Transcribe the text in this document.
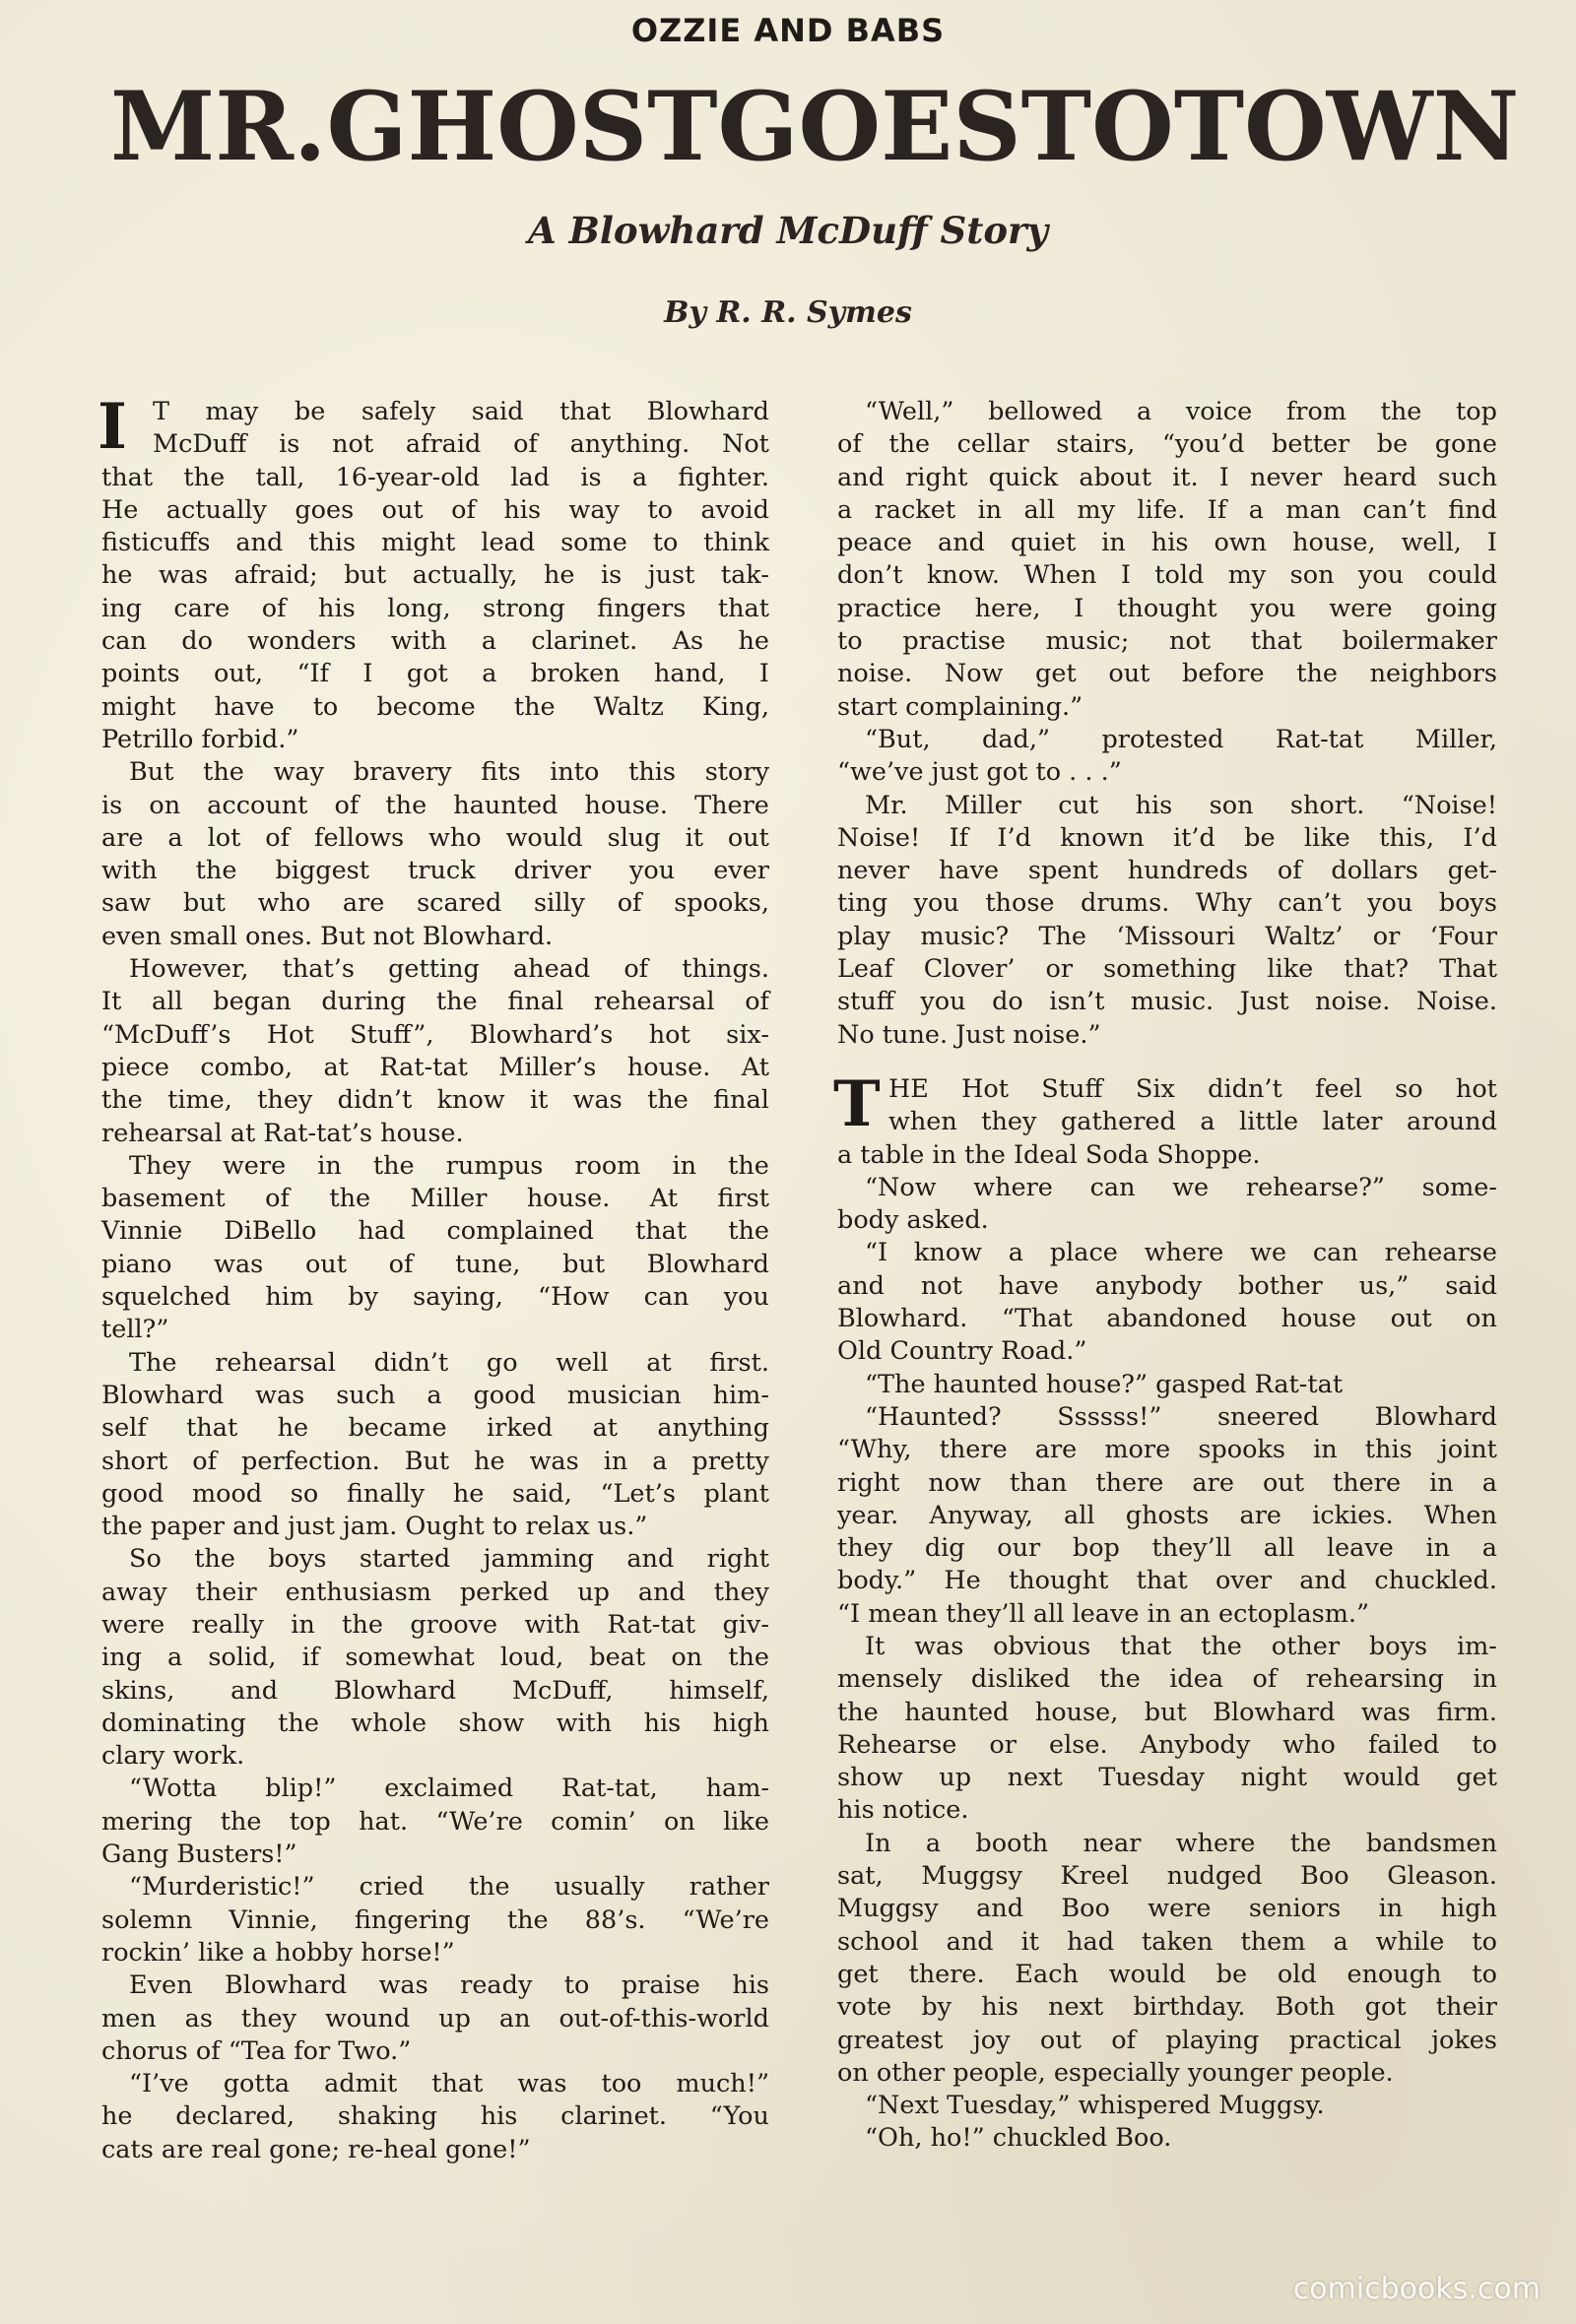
OZZIE AND BABS
MR. GHOST GOES TO TOWN
A Blowhard McDuff Story
By R. R. Symes
I T may be safely said that Blowhard
McDuff is not afraid of anything. Not
that the tall, 16-year-old lad is a fighter.
He actually goes out of his way to avoid
fisticuffs and this might lead some to think
he was afraid; but actually, he is just tak-
ing care of his long, strong fingers that
can do wonders with a clarinet. As he
points out, “If I got a broken hand, I
might have to become the Waltz King,
Petrillo forbid.”
But the way bravery fits into this story
is on account of the haunted house. There
are a lot of fellows who would slug it out
with the biggest truck driver you ever
saw but who are scared silly of spooks,
even small ones. But not Blowhard.
However, that’s getting ahead of things.
It all began during the final rehearsal of
“McDuff’s Hot Stuff”, Blowhard’s hot six-
piece combo, at Rat-tat Miller’s house. At
the time, they didn’t know it was the final
rehearsal at Rat-tat’s house.
They were in the rumpus room in the
basement of the Miller house. At first
Vinnie DiBello had complained that the
piano was out of tune, but Blowhard
squelched him by saying, “How can you
tell?”
The rehearsal didn’t go well at first.
Blowhard was such a good musician him-
self that he became irked at anything
short of perfection. But he was in a pretty
good mood so finally he said, “Let’s plant
the paper and just jam. Ought to relax us.”
So the boys started jamming and right
away their enthusiasm perked up and they
were really in the groove with Rat-tat giv-
ing a solid, if somewhat loud, beat on the
skins, and Blowhard McDuff, himself,
dominating the whole show with his high
clary work.
“Wotta blip!” exclaimed Rat-tat, ham-
mering the top hat. “We’re comin’ on like
Gang Busters!”
“Murderistic!” cried the usually rather
solemn Vinnie, fingering the 88’s. “We’re
rockin’ like a hobby horse!”
Even Blowhard was ready to praise his
men as they wound up an out-of-this-world
chorus of “Tea for Two.”
“I’ve gotta admit that was too much!”
he declared, shaking his clarinet. “You
cats are real gone; re-heal gone!”
“Well,” bellowed a voice from the top
of the cellar stairs, “you’d better be gone
and right quick about it. I never heard such
a racket in all my life. If a man can’t find
peace and quiet in his own house, well, I
don’t know. When I told my son you could
practice here, I thought you were going
to practise music; not that boilermaker
noise. Now get out before the neighbors
start complaining.”
“But, dad,” protested Rat-tat Miller,
“we’ve just got to . . .”
Mr. Miller cut his son short. “Noise!
Noise! If I’d known it’d be like this, I’d
never have spent hundreds of dollars get-
ting you those drums. Why can’t you boys
play music? The ‘Missouri Waltz’ or ‘Four
Leaf Clover’ or something like that? That
stuff you do isn’t music. Just noise. Noise.
No tune. Just noise.”
T HE Hot Stuff Six didn’t feel so hot
when they gathered a little later around
a table in the Ideal Soda Shoppe.
“Now where can we rehearse?” some-
body asked.
“I know a place where we can rehearse
and not have anybody bother us,” said
Blowhard. “That abandoned house out on
Old Country Road.”
“The haunted house?” gasped Rat-tat
“Haunted? Ssssss!” sneered Blowhard
“Why, there are more spooks in this joint
right now than there are out there in a
year. Anyway, all ghosts are ickies. When
they dig our bop they’ll all leave in a
body.” He thought that over and chuckled.
“I mean they’ll all leave in an ectoplasm.”
It was obvious that the other boys im-
mensely disliked the idea of rehearsing in
the haunted house, but Blowhard was firm.
Rehearse or else. Anybody who failed to
show up next Tuesday night would get
his notice.
In a booth near where the bandsmen
sat, Muggsy Kreel nudged Boo Gleason.
Muggsy and Boo were seniors in high
school and it had taken them a while to
get there. Each would be old enough to
vote by his next birthday. Both got their
greatest joy out of playing practical jokes
on other people, especially younger people.
“Next Tuesday,” whispered Muggsy.
“Oh, ho!” chuckled Boo.
comicbooks.com
